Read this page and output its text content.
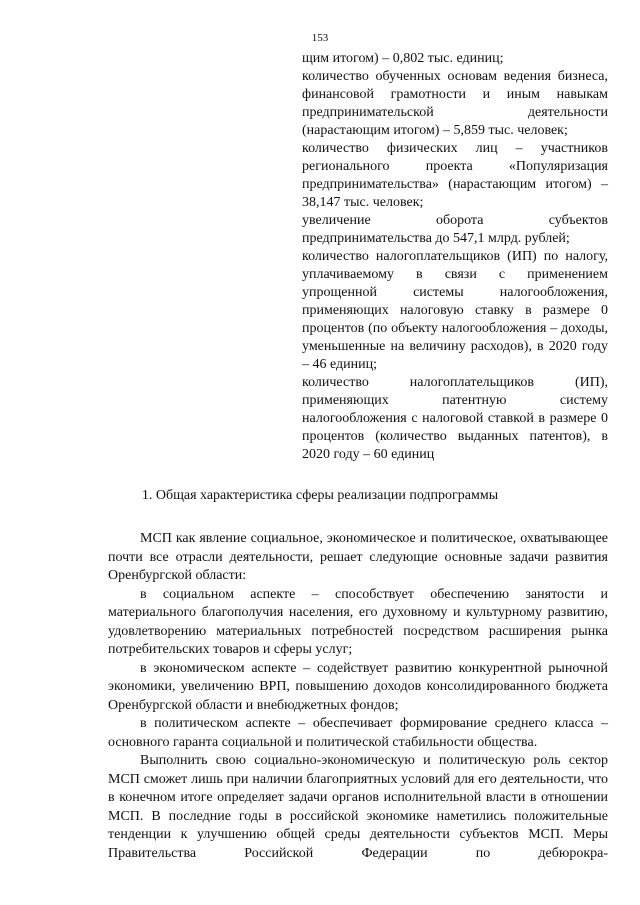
153

щим итогом) – 0,802 тыс. единиц;

количество обученных основам ведения бизнеса, финансовой грамотности и иным навыкам предпринимательской деятельности (нарастающим итогом) – 5,859 тыс. человек;

количество физических лиц – участников регионального проекта «Популяризация предпринимательства» (нарастающим итогом) – 38,147 тыс. человек;

увеличение оборота субъектов предпринимательства до 547,1 млрд. рублей;

количество налогоплательщиков (ИП) по налогу, уплачиваемому в связи с применением упрощенной системы налогообложения, применяющих налоговую ставку в размере 0 процентов (по объекту налогообложения – доходы, уменьшенные на величину расходов), в 2020 году – 46 единиц;

количество налогоплательщиков (ИП), применяющих патентную систему налогообложения с налоговой ставкой в размере 0 процентов (количество выданных патентов), в 2020 году – 60 единиц

1. Общая характеристика сферы реализации подпрограммы

МСП как явление социальное, экономическое и политическое, охватывающее почти все отрасли деятельности, решает следующие основные задачи развития Оренбургской области:

в социальном аспекте – способствует обеспечению занятости и материального благополучия населения, его духовному и культурному развитию, удовлетворению материальных потребностей посредством расширения рынка потребительских товаров и сферы услуг;

в экономическом аспекте – содействует развитию конкурентной рыночной экономики, увеличению ВРП, повышению доходов консолидированного бюджета Оренбургской области и внебюджетных фондов;

в политическом аспекте – обеспечивает формирование среднего класса – основного гаранта социальной и политической стабильности общества.

Выполнить свою социально-экономическую и политическую роль сектор МСП сможет лишь при наличии благоприятных условий для его деятельности, что в конечном итоге определяет задачи органов исполнительной власти в отношении МСП. В последние годы в российской экономике наметились положительные тенденции к улучшению общей среды деятельности субъектов МСП. Меры Правительства Российской Федерации по дебюрокра-
